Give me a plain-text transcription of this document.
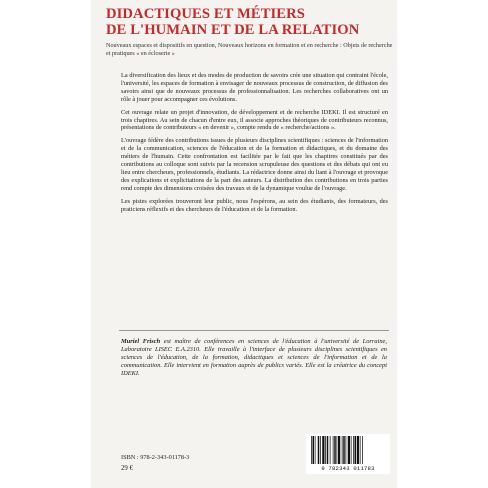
DIDACTIQUES ET MÉTIERS
DE L'HUMAIN ET DE LA RELATION
Nouveaux espaces et dispositifs en question, Nouveaux horizons en formation et en recherche : Objets de recherche et pratiques « en écloserie »

La diversification des lieux et des modes de production de savoirs crée une situation qui contraint l'école, l'université, les espaces de formation à envisager de nouveaux processus de construction, de diffusion des savoirs ainsi que de nouveaux processus de professionnalisation. Les recherches collaboratives ont un rôle à jouer pour accompagner ces évolutions.

Cet ouvrage relate un projet d'innovation, de développement et de recherche IDEKI. Il est structuré en trois chapitres. Au sein de chacun d'entre eux, il associe approches théoriques de contributeurs reconnus, présentations de contributeurs « en devenir », compte rendu de « recherche/actions ».

L'ouvrage fédère des contributions issues de plusieurs disciplines scientifiques : sciences de l'information et de la communication, sciences de l'éducation et de la formation et didactiques, et du domaine des métiers de l'humain. Cette confrontation est facilitée par le fait que les chapitres constitués par des contributions au colloque sont suivis par la recension scrupuleuse des questions et des débats qui ont eu lieu entre chercheurs, professionnels, étudiants. La rédactrice donne ainsi du liant à l'ouvrage et provoque des explications et explicitations de la part des auteurs. La distribution des contributions en trois parties rend compte des dimensions croisées des travaux et de la dynamique voulue de l'ouvrage.

Les pistes explorées trouveront leur public, nous l'espérons, au sein des étudiants, des formateurs, des praticiens réflexifs et des chercheurs de l'éducation et de la formation.

Muriel Frisch est maître de conférences en sciences de l'éducation à l'université de Lorraine, Laboratoire LISEC E.A.2310. Elle travaille à l'interface de plusieurs disciplines scientifiques en sciences de l'éducation, de la formation, didactiques et sciences de l'information et de la communication. Elle intervient en formation auprès de publics variés. Elle est la créatrice du concept IDEKI.
ISBN : 978-2-343-01178-3
29 €	9 782343 011783
